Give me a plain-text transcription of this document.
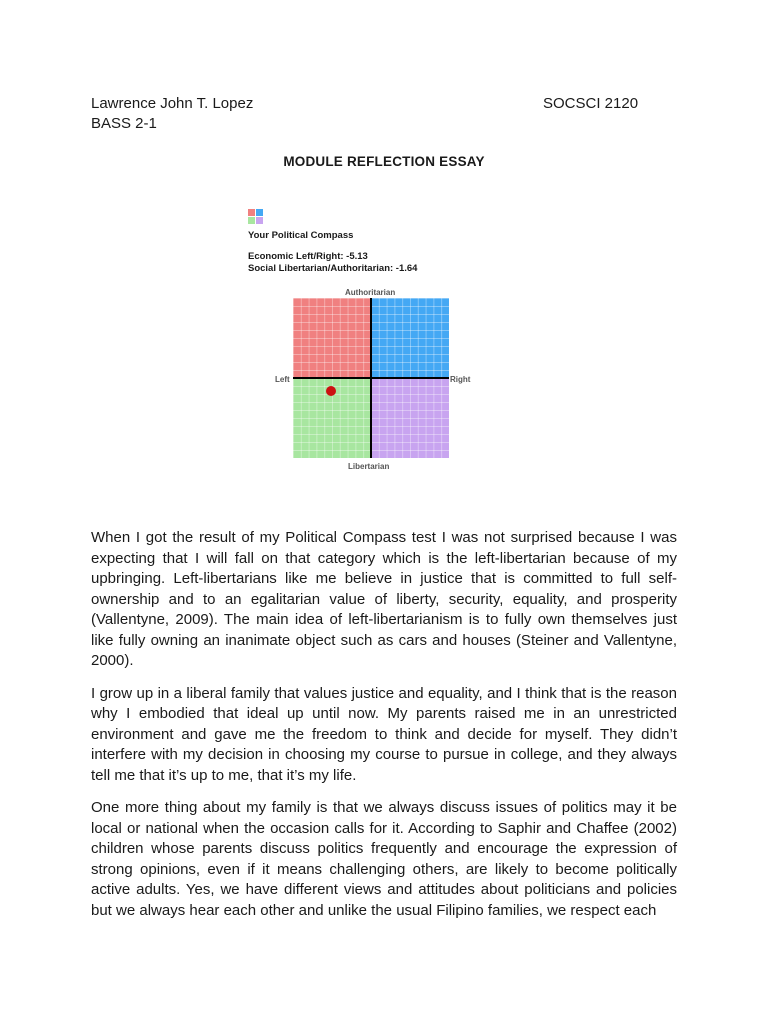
Lawrence John T. Lopez
BASS 2-1
SOCSCI 2120
MODULE REFLECTION ESSAY
Your Political Compass
Economic Left/Right: -5.13
Social Libertarian/Authoritarian: -1.64
Authoritarian
Libertarian
Left	Right

When I got the result of my Political Compass test I was not surprised because I was expecting that I will fall on that category which is the left-libertarian because of my upbringing. Left-libertarians like me believe in justice that is committed to full self-ownership and to an egalitarian value of liberty, security, equality, and prosperity (Vallentyne, 2009). The main idea of left-libertarianism is to fully own themselves just like fully owning an inanimate object such as cars and houses (Steiner and Vallentyne, 2000).

I grow up in a liberal family that values justice and equality, and I think that is the reason why I embodied that ideal up until now. My parents raised me in an unrestricted environment and gave me the freedom to think and decide for myself. They didn’t interfere with my decision in choosing my course to pursue in college, and they always tell me that it’s up to me, that it’s my life.

One more thing about my family is that we always discuss issues of politics may it be local or national when the occasion calls for it. According to Saphir and Chaffee (2002) children whose parents discuss politics frequently and encourage the expression of strong opinions, even if it means challenging others, are likely to become politically active adults. Yes, we have different views and attitudes about politicians and policies but we always hear each other and unlike the usual Filipino families, we respect each
